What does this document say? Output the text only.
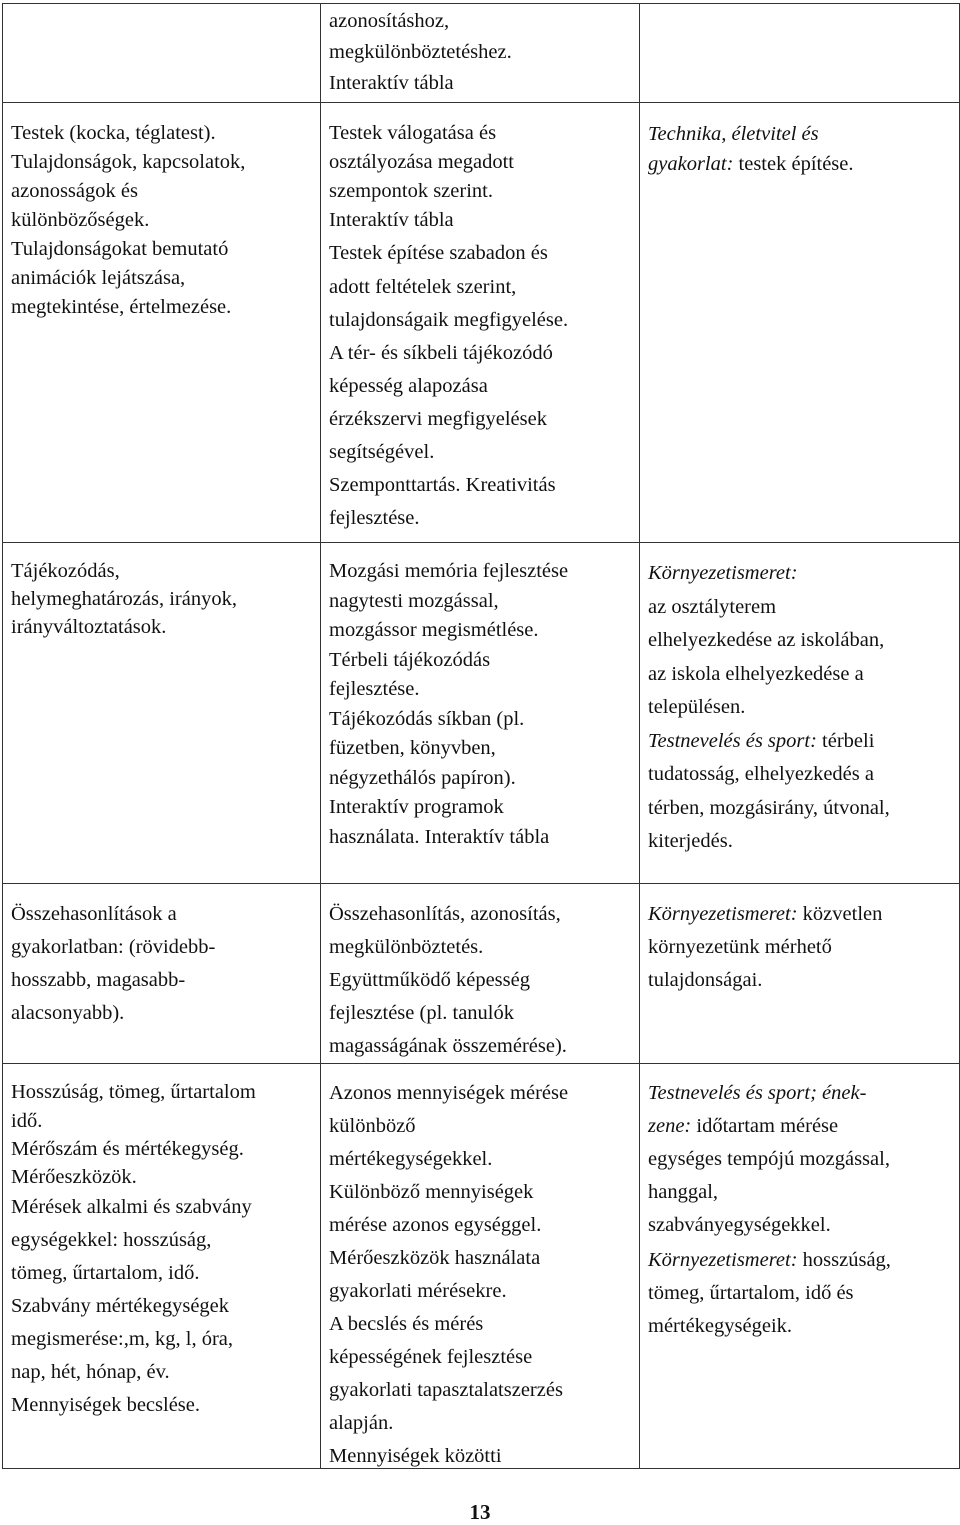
azonosításhoz,
megkülönböztetéshez.
Interaktív tábla
Testek (kocka, téglatest).
Tulajdonságok, kapcsolatok,
azonosságok és
különbözőségek.
Tulajdonságokat bemutató
animációk lejátszása,
megtekintése, értelmezése.
Testek válogatása és
osztályozása megadott
szempontok szerint.
Interaktív tábla
Testek építése szabadon és
adott feltételek szerint,
tulajdonságaik megfigyelése.
A tér- és síkbeli tájékozódó
képesség alapozása
érzékszervi megfigyelések
segítségével.
Szemponttartás. Kreativitás
fejlesztése.
Technika, életvitel és
gyakorlat: testek építése.
Tájékozódás,
helymeghatározás, irányok,
irányváltoztatások.
Mozgási memória fejlesztése
nagytesti mozgással,
mozgássor megismétlése.
Térbeli tájékozódás
fejlesztése.
Tájékozódás síkban (pl.
füzetben, könyvben,
négyzethálós papíron).
Interaktív programok
használata. Interaktív tábla
Környezetismeret:
az osztályterem
elhelyezkedése az iskolában,
az iskola elhelyezkedése a
településen.
Testnevelés és sport: térbeli
tudatosság, elhelyezkedés a
térben, mozgásirány, útvonal,
kiterjedés.
Összehasonlítások a
gyakorlatban: (rövidebb-
hosszabb, magasabb-
alacsonyabb).
Összehasonlítás, azonosítás,
megkülönböztetés.
Együttműködő képesség
fejlesztése (pl. tanulók
magasságának összemérése).
Környezetismeret: közvetlen
környezetünk mérhető
tulajdonságai.
Hosszúság, tömeg, űrtartalom
idő.
Mérőszám és mértékegység.
Mérőeszközök.
Mérések alkalmi és szabvány
egységekkel: hosszúság,
tömeg, űrtartalom, idő.
Szabvány mértékegységek
megismerése:,m, kg, l, óra,
nap, hét, hónap, év.
Mennyiségek becslése.
Azonos mennyiségek mérése
különböző
mértékegységekkel.
Különböző mennyiségek
mérése azonos egységgel.
Mérőeszközök használata
gyakorlati mérésekre.
A becslés és mérés
képességének fejlesztése
gyakorlati tapasztalatszerzés
alapján.
Mennyiségek közötti
Testnevelés és sport; ének-
zene: időtartam mérése
egységes tempójú mozgással,
hanggal,
szabványegységekkel.
Környezetismeret: hosszúság,
tömeg, űrtartalom, idő és
mértékegységeik.
13
